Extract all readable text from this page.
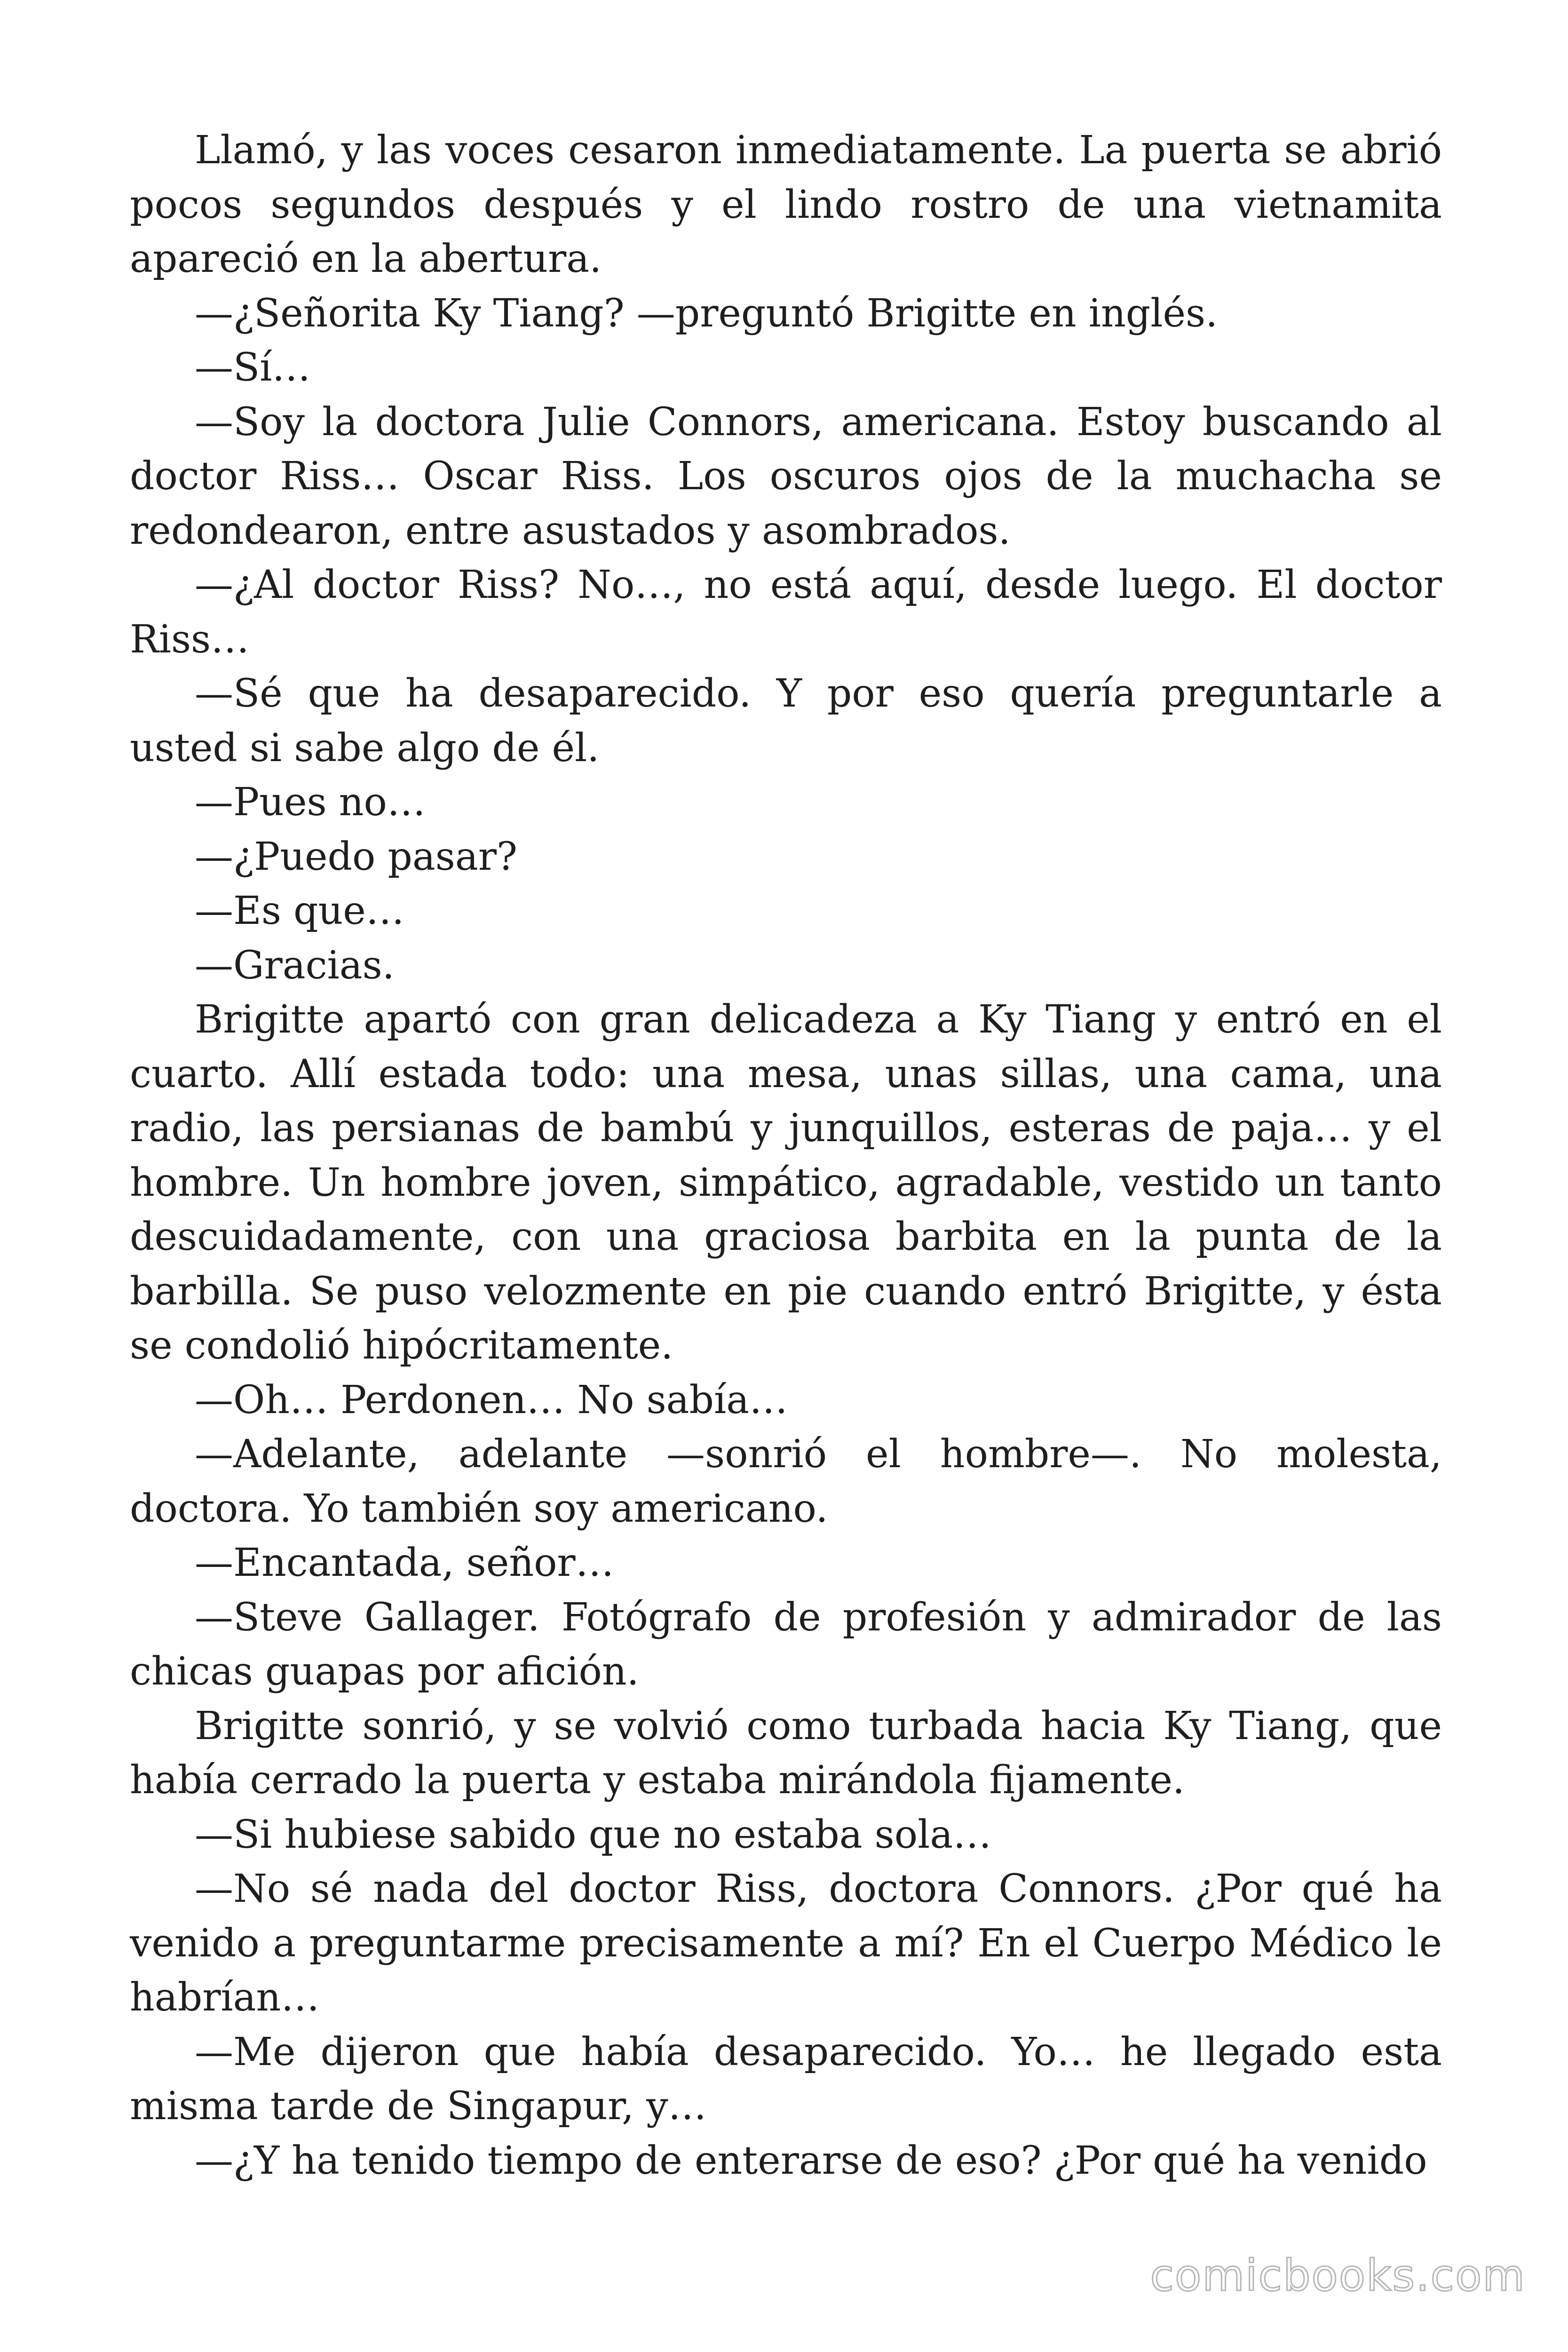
Llamó, y las voces cesaron inmediatamente. La puerta se abrió pocos segundos después y el lindo rostro de una vietnamita apareció en la abertura.

—¿Señorita Ky Tiang? —preguntó Brigitte en inglés.

—Sí…

—Soy la doctora Julie Connors, americana. Estoy buscando al doctor Riss… Oscar Riss. Los oscuros ojos de la muchacha se redondearon, entre asustados y asombrados.

—¿Al doctor Riss? No…, no está aquí, desde luego. El doctor Riss…

—Sé que ha desaparecido. Y por eso quería preguntarle a usted si sabe algo de él.

—Pues no…

—¿Puedo pasar?

—Es que…

—Gracias.

Brigitte apartó con gran delicadeza a Ky Tiang y entró en el cuarto. Allí estada todo: una mesa, unas sillas, una cama, una radio, las persianas de bambú y junquillos, esteras de paja… y el hombre. Un hombre joven, simpático, agradable, vestido un tanto descuidadamente, con una graciosa barbita en la punta de la barbilla. Se puso velozmente en pie cuando entró Brigitte, y ésta se condolió hipócritamente.

—Oh… Perdonen… No sabía…

—Adelante, adelante —sonrió el hombre—. No molesta, doctora. Yo también soy americano.

—Encantada, señor…

—Steve Gallager. Fotógrafo de profesión y admirador de las chicas guapas por afición.

Brigitte sonrió, y se volvió como turbada hacia Ky Tiang, que había cerrado la puerta y estaba mirándola fijamente.

—Si hubiese sabido que no estaba sola…

—No sé nada del doctor Riss, doctora Connors. ¿Por qué ha venido a preguntarme precisamente a mí? En el Cuerpo Médico le habrían…

—Me dijeron que había desaparecido. Yo… he llegado esta misma tarde de Singapur, y…

—¿Y ha tenido tiempo de enterarse de eso? ¿Por qué ha venido

comicbooks.com
